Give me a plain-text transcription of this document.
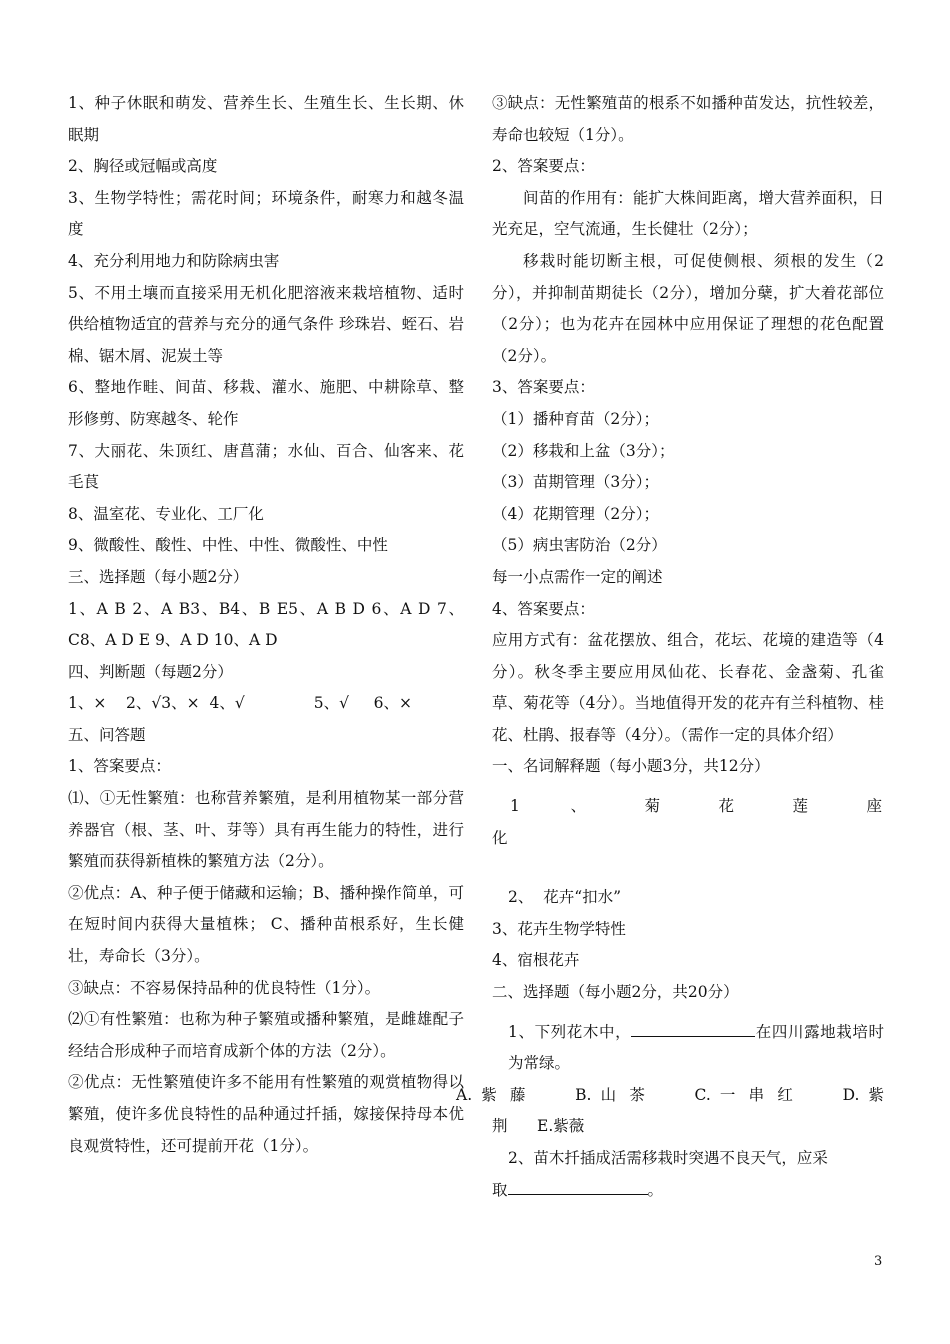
1、种子休眠和萌发、营养生长、生殖生长、生长期、休眠期

2、胸径或冠幅或高度

3、生物学特性；需花时间；环境条件，耐寒力和越冬温度

4、充分利用地力和防除病虫害

5、不用土壤而直接采用无机化肥溶液来栽培植物、适时供给植物适宜的营养与充分的通气条件 珍珠岩、蛭石、岩棉、锯木屑、泥炭土等

6、整地作畦、间苗、移栽、灌水、施肥、中耕除草、整形修剪、防寒越冬、轮作

7、大丽花、朱顶红、唐菖蒲；水仙、百合、仙客来、花毛茛

8、温室花、专业化、工厂化

9、微酸性、酸性、中性、中性、微酸性、中性

三、选择题（每小题2分）

1、A B 2、A B3、B4、B E5、A B D 6、A D 7、C8、A D E 9、A D 10、A D

四、判断题（每题2分）

1、×    2、√3、×  4、√              5、√     6、×

五、问答题

1、答案要点：

⑴、①无性繁殖：也称营养繁殖，是利用植物某一部分营养器官（根、茎、叶、芽等）具有再生能力的特性，进行繁殖而获得新植株的繁殖方法（2分）。

②优点：A、种子便于储藏和运输；B、播种操作简单，可在短时间内获得大量植株； C、播种苗根系好，生长健壮，寿命长（3分）。

③缺点：不容易保持品种的优良特性（1分）。

⑵①有性繁殖：也称为种子繁殖或播种繁殖，是雌雄配子经结合形成种子而培育成新个体的方法（2分）。

②优点：无性繁殖使许多不能用有性繁殖的观赏植物得以繁殖，使许多优良特性的品种通过扦插，嫁接保持母本优良观赏特性，还可提前开花（1分）。

③缺点：无性繁殖苗的根系不如播种苗发达，抗性较差，寿命也较短（1分）。

2、答案要点：

间苗的作用有：能扩大株间距离，增大营养面积，日光充足，空气流通，生长健壮（2分）；

移栽时能切断主根，可促使侧根、须根的发生（2分），并抑制苗期徒长（2分），增加分蘖，扩大着花部位（2分）；也为花卉在园林中应用保证了理想的花色配置（2分）。

3、答案要点：

（1）播种育苗（2分）；

（2）移栽和上盆（3分）；

（3）苗期管理（3分）；

（4）花期管理（2分）；

（5）病虫害防治（2分）

每一小点需作一定的阐述

4、答案要点：

应用方式有：盆花摆放、组合，花坛、花境的建造等（4分）。秋冬季主要应用凤仙花、长春花、金盏菊、孔雀草、菊花等（4分）。当地值得开发的花卉有兰科植物、桂花、杜鹃、报春等（4分）。（需作一定的具体介绍）

一、名词解释题（每小题3分，共12分）

1    、    菊    花    莲    座

化

2、  花卉“扣水”

3、花卉生物学特性

4、宿根花卉

二、选择题（每小题2分，共20分）

1、下列花木中，	在四川露地栽培时为常绿。

A. 紫 藤     B. 山 茶     C. 一 串 红     D. 紫

荆      E.紫薇

2、苗木扦插成活需移栽时突遇不良天气，应采

取	。

3
